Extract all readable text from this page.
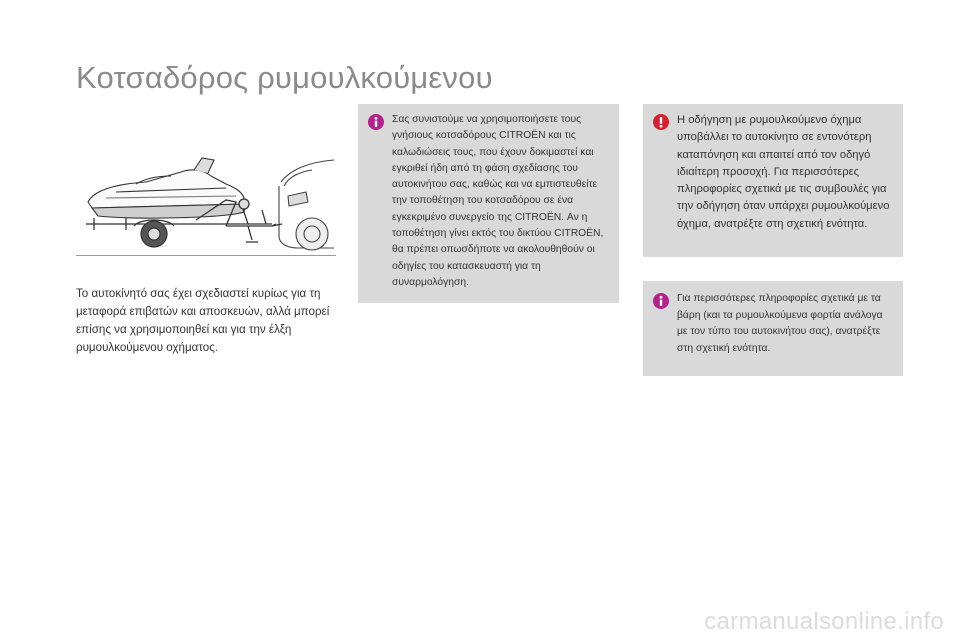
Κοτσαδόρος ρυμουλκούμενου

Το αυτοκίνητό σας έχει σχεδιαστεί κυρίως για τη μεταφορά επιβατών και αποσκευών, αλλά μπορεί επίσης να χρησιμοποιηθεί και για την έλξη ρυμουλκούμενου οχήματος.

Σας συνιστούμε να χρησιμοποιήσετε τους γνήσιους κοτσαδόρους CITROËN και τις καλωδιώσεις τους, που έχουν δοκιμαστεί και εγκριθεί ήδη από τη φάση σχεδίασης του αυτοκινήτου σας, καθώς και να εμπιστευθείτε την τοποθέτηση του κοτσαδόρου σε ένα εγκεκριμένο συνεργείο της CITROËN. Αν η τοποθέτηση γίνει εκτός του δικτύου CITROËN, θα πρέπει οπωσδήποτε να ακολουθηθούν οι οδηγίες του κατασκευαστή για τη συναρμολόγηση.
Η οδήγηση με ρυμουλκούμενο όχημα υποβάλλει το αυτοκίνητο σε εντονότερη καταπόνηση και απαιτεί από τον οδηγό ιδιαίτερη προσοχή. Για περισσότερες πληροφορίες σχετικά με τις συμβουλές για την οδήγηση όταν υπάρχει ρυμουλκούμενο όχημα, ανατρέξτε στη σχετική ενότητα.
Για περισσότερες πληροφορίες σχετικά με τα βάρη (και τα ρυμουλκούμενα φορτία ανάλογα με τον τύπο του αυτοκινήτου σας), ανατρέξτε στη σχετική ενότητα.
carmanualsonline.info
